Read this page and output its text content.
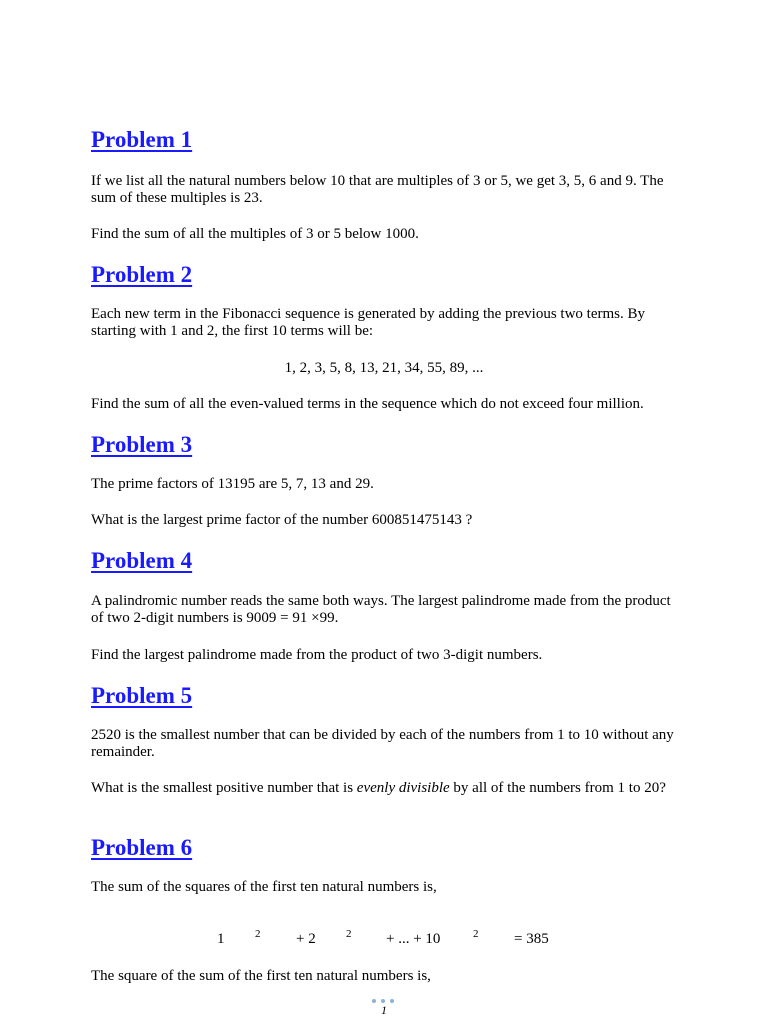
Problem 1

If we list all the natural numbers below 10 that are multiples of 3 or 5, we get 3, 5, 6 and 9. The sum of these multiples is 23.

Find the sum of all the multiples of 3 or 5 below 1000.

Problem 2

Each new term in the Fibonacci sequence is generated by adding the previous two terms. By starting with 1 and 2, the first 10 terms will be:

1, 2, 3, 5, 8, 13, 21, 34, 55, 89, ...

Find the sum of all the even-valued terms in the sequence which do not exceed four million.

Problem 3

The prime factors of 13195 are 5, 7, 13 and 29.

What is the largest prime factor of the number 600851475143 ?

Problem 4

A palindromic number reads the same both ways. The largest palindrome made from the product of two 2-digit numbers is 9009 = 91 ×99.

Find the largest palindrome made from the product of two 3-digit numbers.

Problem 5

2520 is the smallest number that can be divided by each of the numbers from 1 to 10 without any remainder.

What is the smallest positive number that is evenly divisible by all of the numbers from 1 to 20?

Problem 6

The sum of the squares of the first ten natural numbers is,

1	2 + 2	2 + ... + 10	2 = 385

The square of the sum of the first ten natural numbers is,

1
